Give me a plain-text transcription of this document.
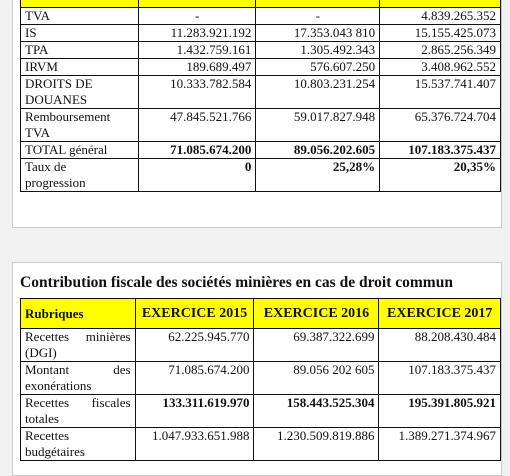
TVA	-	-	4.839.265.352
IS	11.283.921.192	17.353.043 810	15.155.425.073
TPA	1.432.759.161	1.305.492.343	2.865.256.349
IRVM	189.689.497	576.607.250	3.408.962.552
DROITS DE
DOUANES	10.333.782.584	10.803.231.254	15.537.741.407
Remboursement
TVA	47.845.521.766	59.017.827.948	65.376.724.704
TOTAL général	71.085.674.200	89.056.202.605	107.183.375.437
Taux de
progression	0	25,28%	20,35%
Contribution fiscale des sociétés minières en cas de droit commun
Rubriques	EXERCICE 2015	EXERCICE 2016	EXERCICE 2017

Recettes minières
(DGI)	62.225.945.770	69.387.322.699	88.208.430.484

Montant des
exonérations	71.085.674.200	89.056 202 605	107.183.375.437

Recettes fiscales
totales	133.311.619.970	158.443.525.304	195.391.805.921

Recettes
budgétaires	1.047.933.651.988	1.230.509.819.886	1.389.271.374.967
